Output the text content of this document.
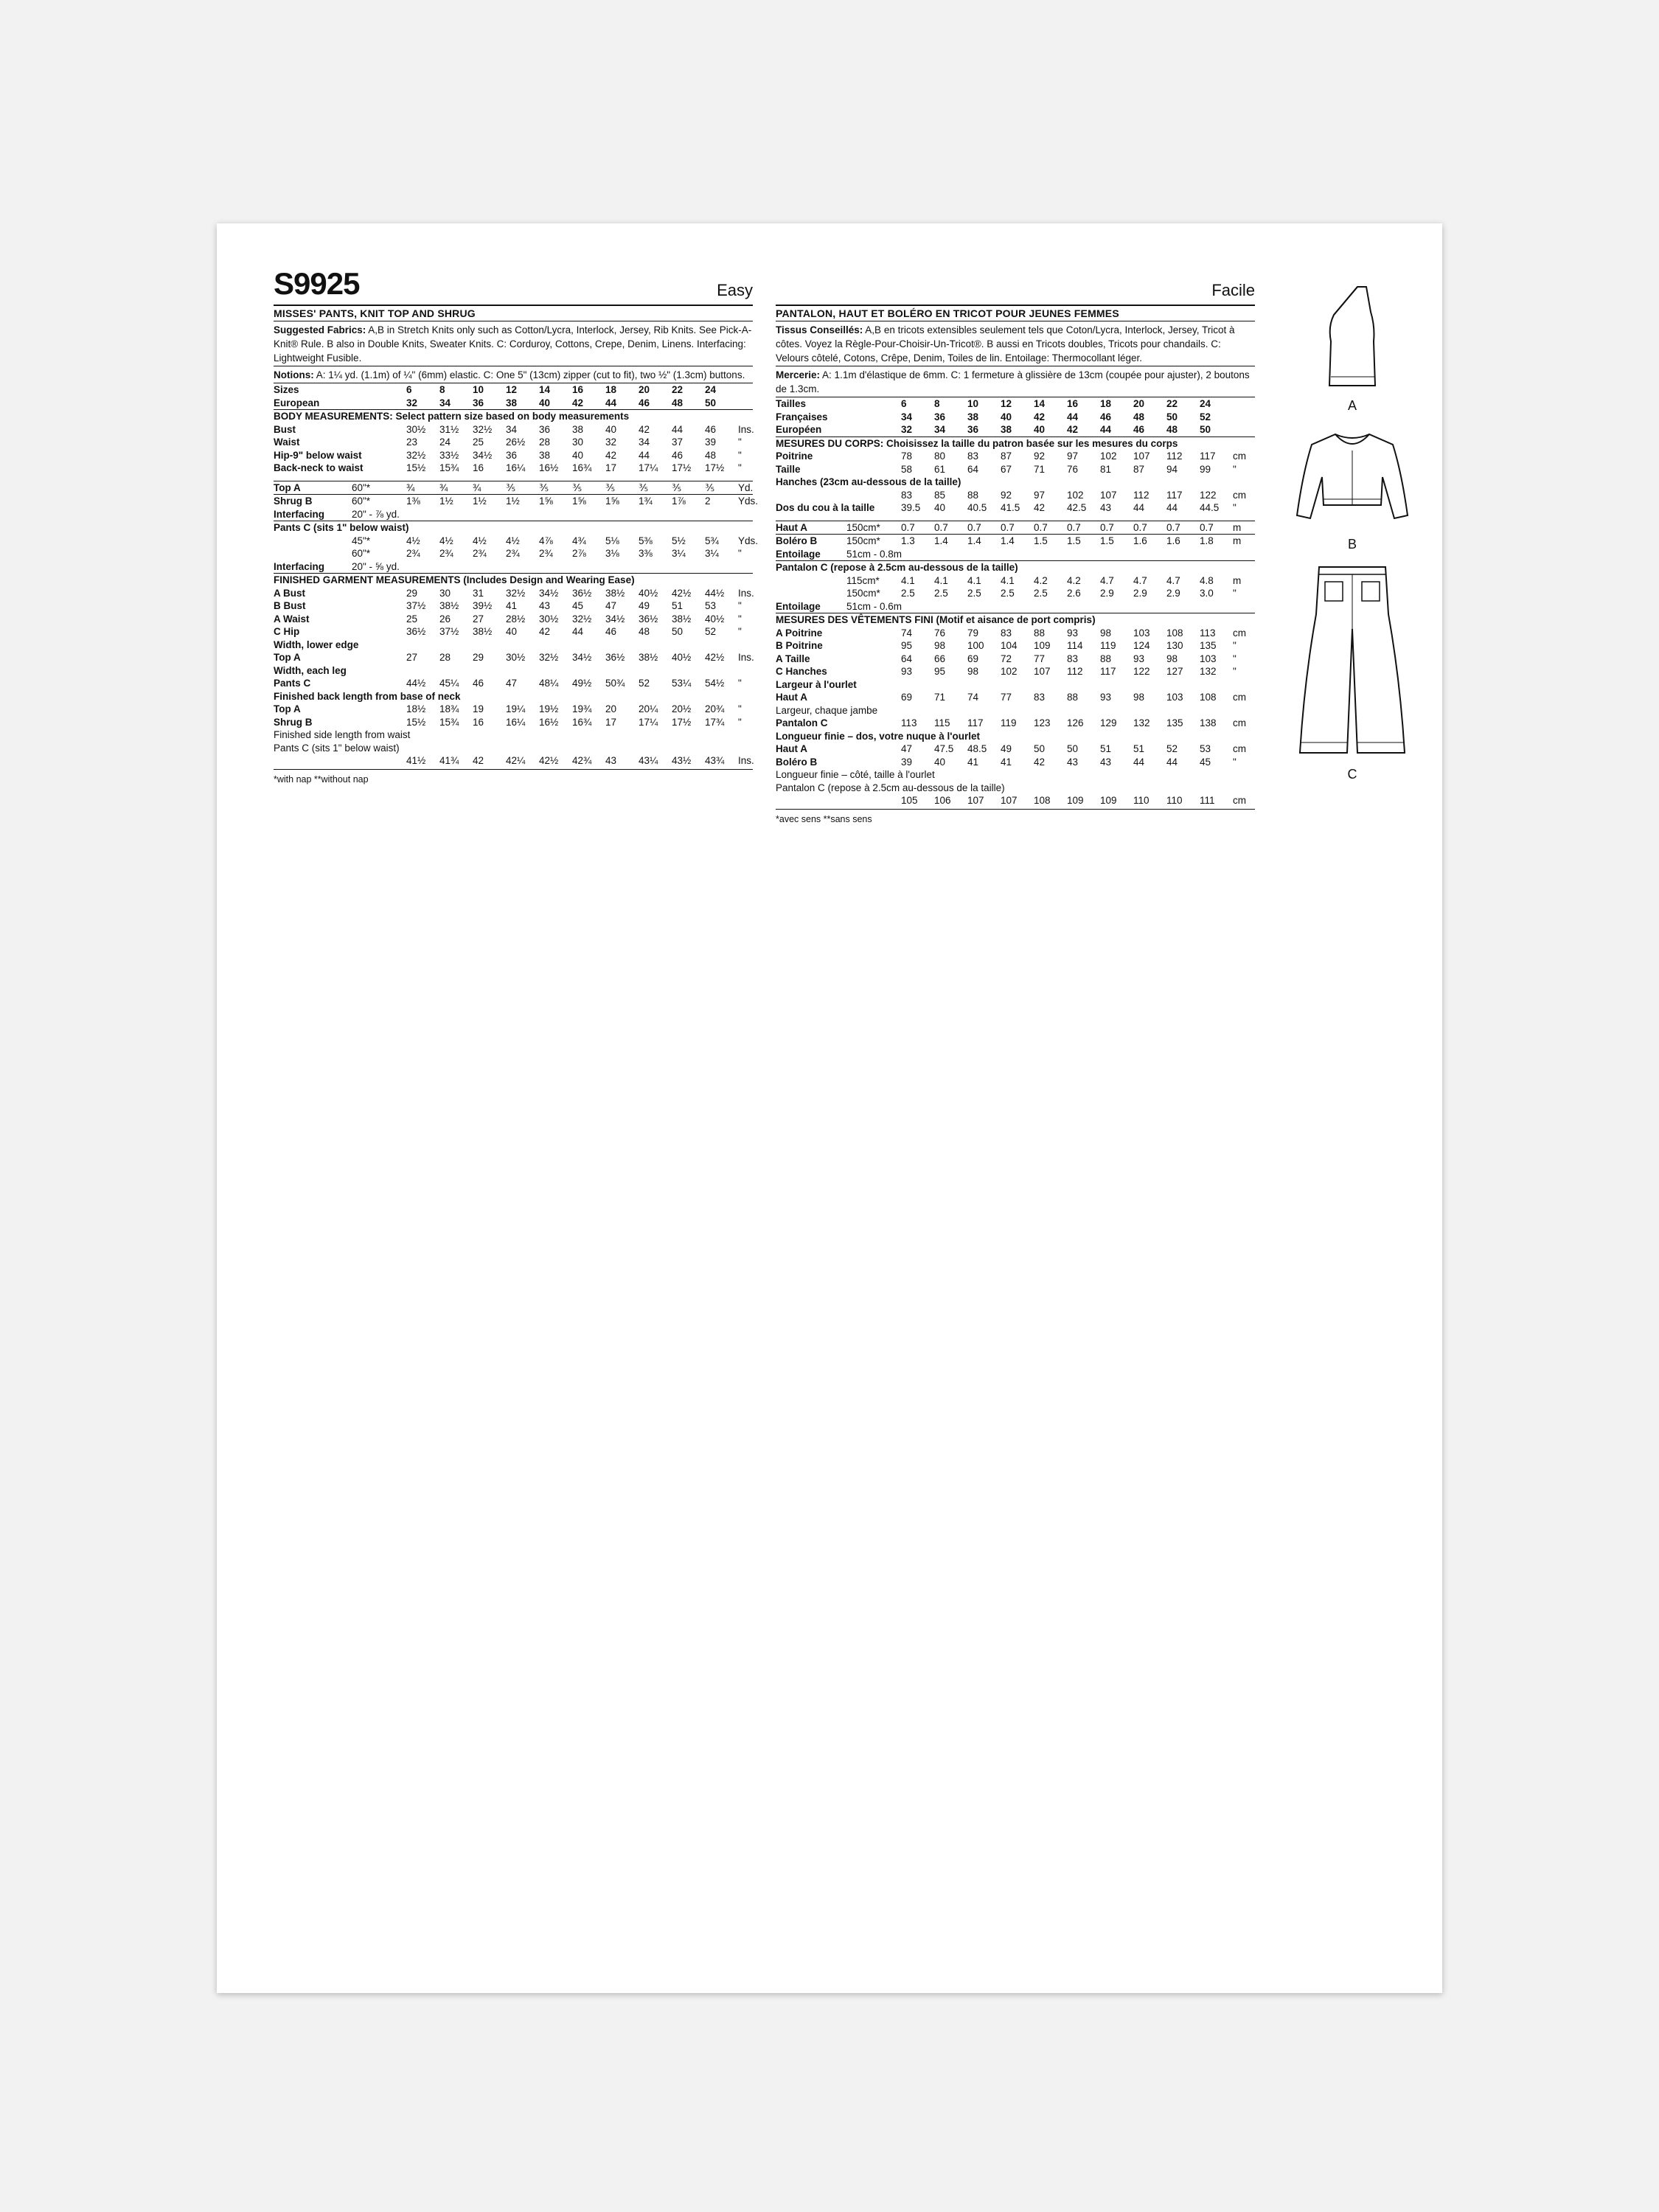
S9925	Easy
MISSES' PANTS, KNIT TOP AND SHRUG
Suggested Fabrics: A,B in Stretch Knits only such as Cotton/Lycra, Interlock, Jersey, Rib Knits. See Pick-A-Knit® Rule. B also in Double Knits, Sweater Knits. C: Corduroy, Cottons, Crepe, Denim, Linens. Interfacing: Lightweight Fusible.
Notions: A: 1¼ yd. (1.1m) of ¼" (6mm) elastic. C: One 5" (13cm) zipper (cut to fit), two ½" (1.3cm) buttons.
Sizes		6	8	10	12	14	16	18	20	22	24	
European		32	34	36	38	40	42	44	46	48	50	
BODY MEASUREMENTS: Select pattern size based on body measurements												
Bust		30½	31½	32½	34	36	38	40	42	44	46	Ins.
Waist		23	24	25	26½	28	30	32	34	37	39	"
Hip-9" below waist		32½	33½	34½	36	38	40	42	44	46	48	"
Back-neck to waist		15½	15¾	16	16¼	16½	16¾	17	17¼	17½	17½	"

Top A	60"*	¾	¾	¾	⅗	⅗	⅗	⅗	⅗	⅗	⅗	Yd.
Shrug B	60"*	1⅜	1½	1½	1½	1⅝	1⅝	1⅝	1¾	1⅞	2	Yds.
Interfacing	20" - ⅞ yd.											
Pants C (sits 1" below waist)												
	45"*	4½	4½	4½	4½	4⅞	4¾	5⅛	5⅜	5½	5¾	Yds.
	60"*	2¾	2¾	2¾	2¾	2¾	2⅞	3⅛	3⅜	3¼	3¼	"
Interfacing	20" - ⅝ yd.											
FINISHED GARMENT MEASUREMENTS (Includes Design and Wearing Ease)												
A Bust		29	30	31	32½	34½	36½	38½	40½	42½	44½	Ins.
B Bust		37½	38½	39½	41	43	45	47	49	51	53	"
A Waist		25	26	27	28½	30½	32½	34½	36½	38½	40½	"
C Hip		36½	37½	38½	40	42	44	46	48	50	52	"
Width, lower edge												
Top A		27	28	29	30½	32½	34½	36½	38½	40½	42½	Ins.
Width, each leg												
Pants C		44½	45¼	46	47	48¼	49½	50¾	52	53¼	54½	"
Finished back length from base of neck												
Top A		18½	18¾	19	19¼	19½	19¾	20	20¼	20½	20¾	"
Shrug B		15½	15¾	16	16¼	16½	16¾	17	17¼	17½	17¾	"
Finished side length from waist												
Pants C (sits 1" below waist)												
		41½	41¾	42	42¼	42½	42¾	43	43¼	43½	43¾	Ins.
*with nap **without nap
Facile
PANTALON, HAUT ET BOLÉRO EN TRICOT POUR JEUNES FEMMES
Tissus Conseillés: A,B en tricots extensibles seulement tels que Coton/Lycra, Interlock, Jersey, Tricot à côtes. Voyez la Règle-Pour-Choisir-Un-Tricot®. B aussi en Tricots doubles, Tricots pour chandails. C: Velours côtelé, Cotons, Crêpe, Denim, Toiles de lin. Entoilage: Thermocollant léger.
Mercerie: A: 1.1m d'élastique de 6mm. C: 1 fermeture à glissière de 13cm (coupée pour ajuster), 2 boutons de 1.3cm.
Tailles		6	8	10	12	14	16	18	20	22	24	
Françaises		34	36	38	40	42	44	46	48	50	52	
Européen		32	34	36	38	40	42	44	46	48	50	
MESURES DU CORPS: Choisissez la taille du patron basée sur les mesures du corps												
Poitrine		78	80	83	87	92	97	102	107	112	117	cm
Taille		58	61	64	67	71	76	81	87	94	99	"
Hanches (23cm au-dessous de la taille)												
		83	85	88	92	97	102	107	112	117	122	cm
Dos du cou à la taille		39.5	40	40.5	41.5	42	42.5	43	44	44	44.5	"

Haut A	150cm*	0.7	0.7	0.7	0.7	0.7	0.7	0.7	0.7	0.7	0.7	m
Boléro B	150cm*	1.3	1.4	1.4	1.4	1.5	1.5	1.5	1.6	1.6	1.8	m
Entoilage	51cm - 0.8m											
Pantalon C (repose à 2.5cm au-dessous de la taille)												
	115cm*	4.1	4.1	4.1	4.1	4.2	4.2	4.7	4.7	4.7	4.8	m
	150cm*	2.5	2.5	2.5	2.5	2.5	2.6	2.9	2.9	2.9	3.0	"
Entoilage	51cm - 0.6m											
MESURES DES VÊTEMENTS FINI (Motif et aisance de port compris)												
A Poitrine		74	76	79	83	88	93	98	103	108	113	cm
B Poitrine		95	98	100	104	109	114	119	124	130	135	"
A Taille		64	66	69	72	77	83	88	93	98	103	"
C Hanches		93	95	98	102	107	112	117	122	127	132	"
Largeur à l'ourlet												
Haut A		69	71	74	77	83	88	93	98	103	108	cm
Largeur, chaque jambe												
Pantalon C		113	115	117	119	123	126	129	132	135	138	cm
Longueur finie – dos, votre nuque à l'ourlet												
Haut A		47	47.5	48.5	49	50	50	51	51	52	53	cm
Boléro B		39	40	41	41	42	43	43	44	44	45	"
Longueur finie – côté, taille à l'ourlet												
Pantalon C (repose à 2.5cm au-dessous de la taille)												
		105	106	107	107	108	109	109	110	110	111	cm
*avec sens **sans sens
A
B
C
